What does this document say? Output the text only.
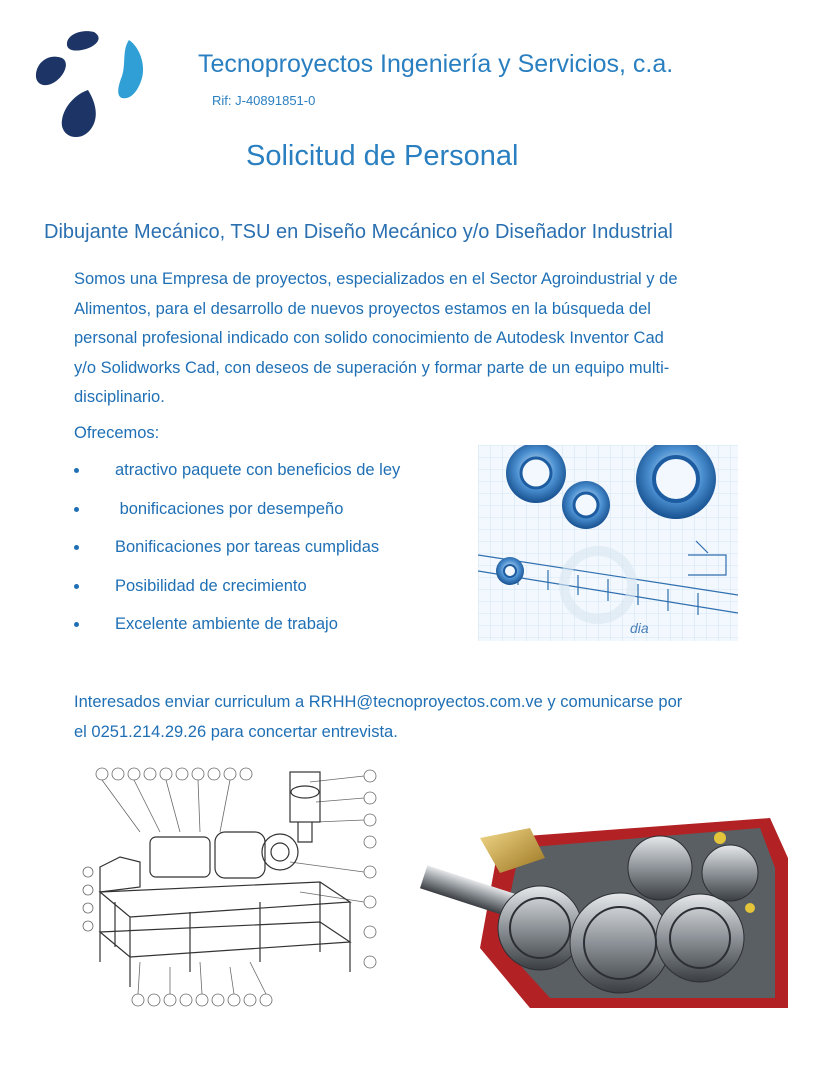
Tecnoproyectos Ingeniería y Servicios, c.a.
Rif: J-40891851-0
Solicitud de Personal
Dibujante Mecánico, TSU en Diseño Mecánico y/o Diseñador Industrial
Somos una Empresa de proyectos, especializados en el Sector Agroindustrial y de
Alimentos, para el desarrollo de nuevos proyectos estamos en la búsqueda del
personal profesional indicado con solido conocimiento de Autodesk Inventor Cad
y/o Solidworks Cad, con deseos de superación y formar parte de un equipo multi-
disciplinario.
Ofrecemos:
atractivo paquete con beneficios de ley
bonificaciones por desempeño
Bonificaciones por tareas cumplidas
Posibilidad de crecimiento
Excelente ambiente de trabajo	dia
Interesados enviar curriculum a RRHH@tecnoproyectos.com.ve y comunicarse por
el 0251.214.29.26 para concertar entrevista.
